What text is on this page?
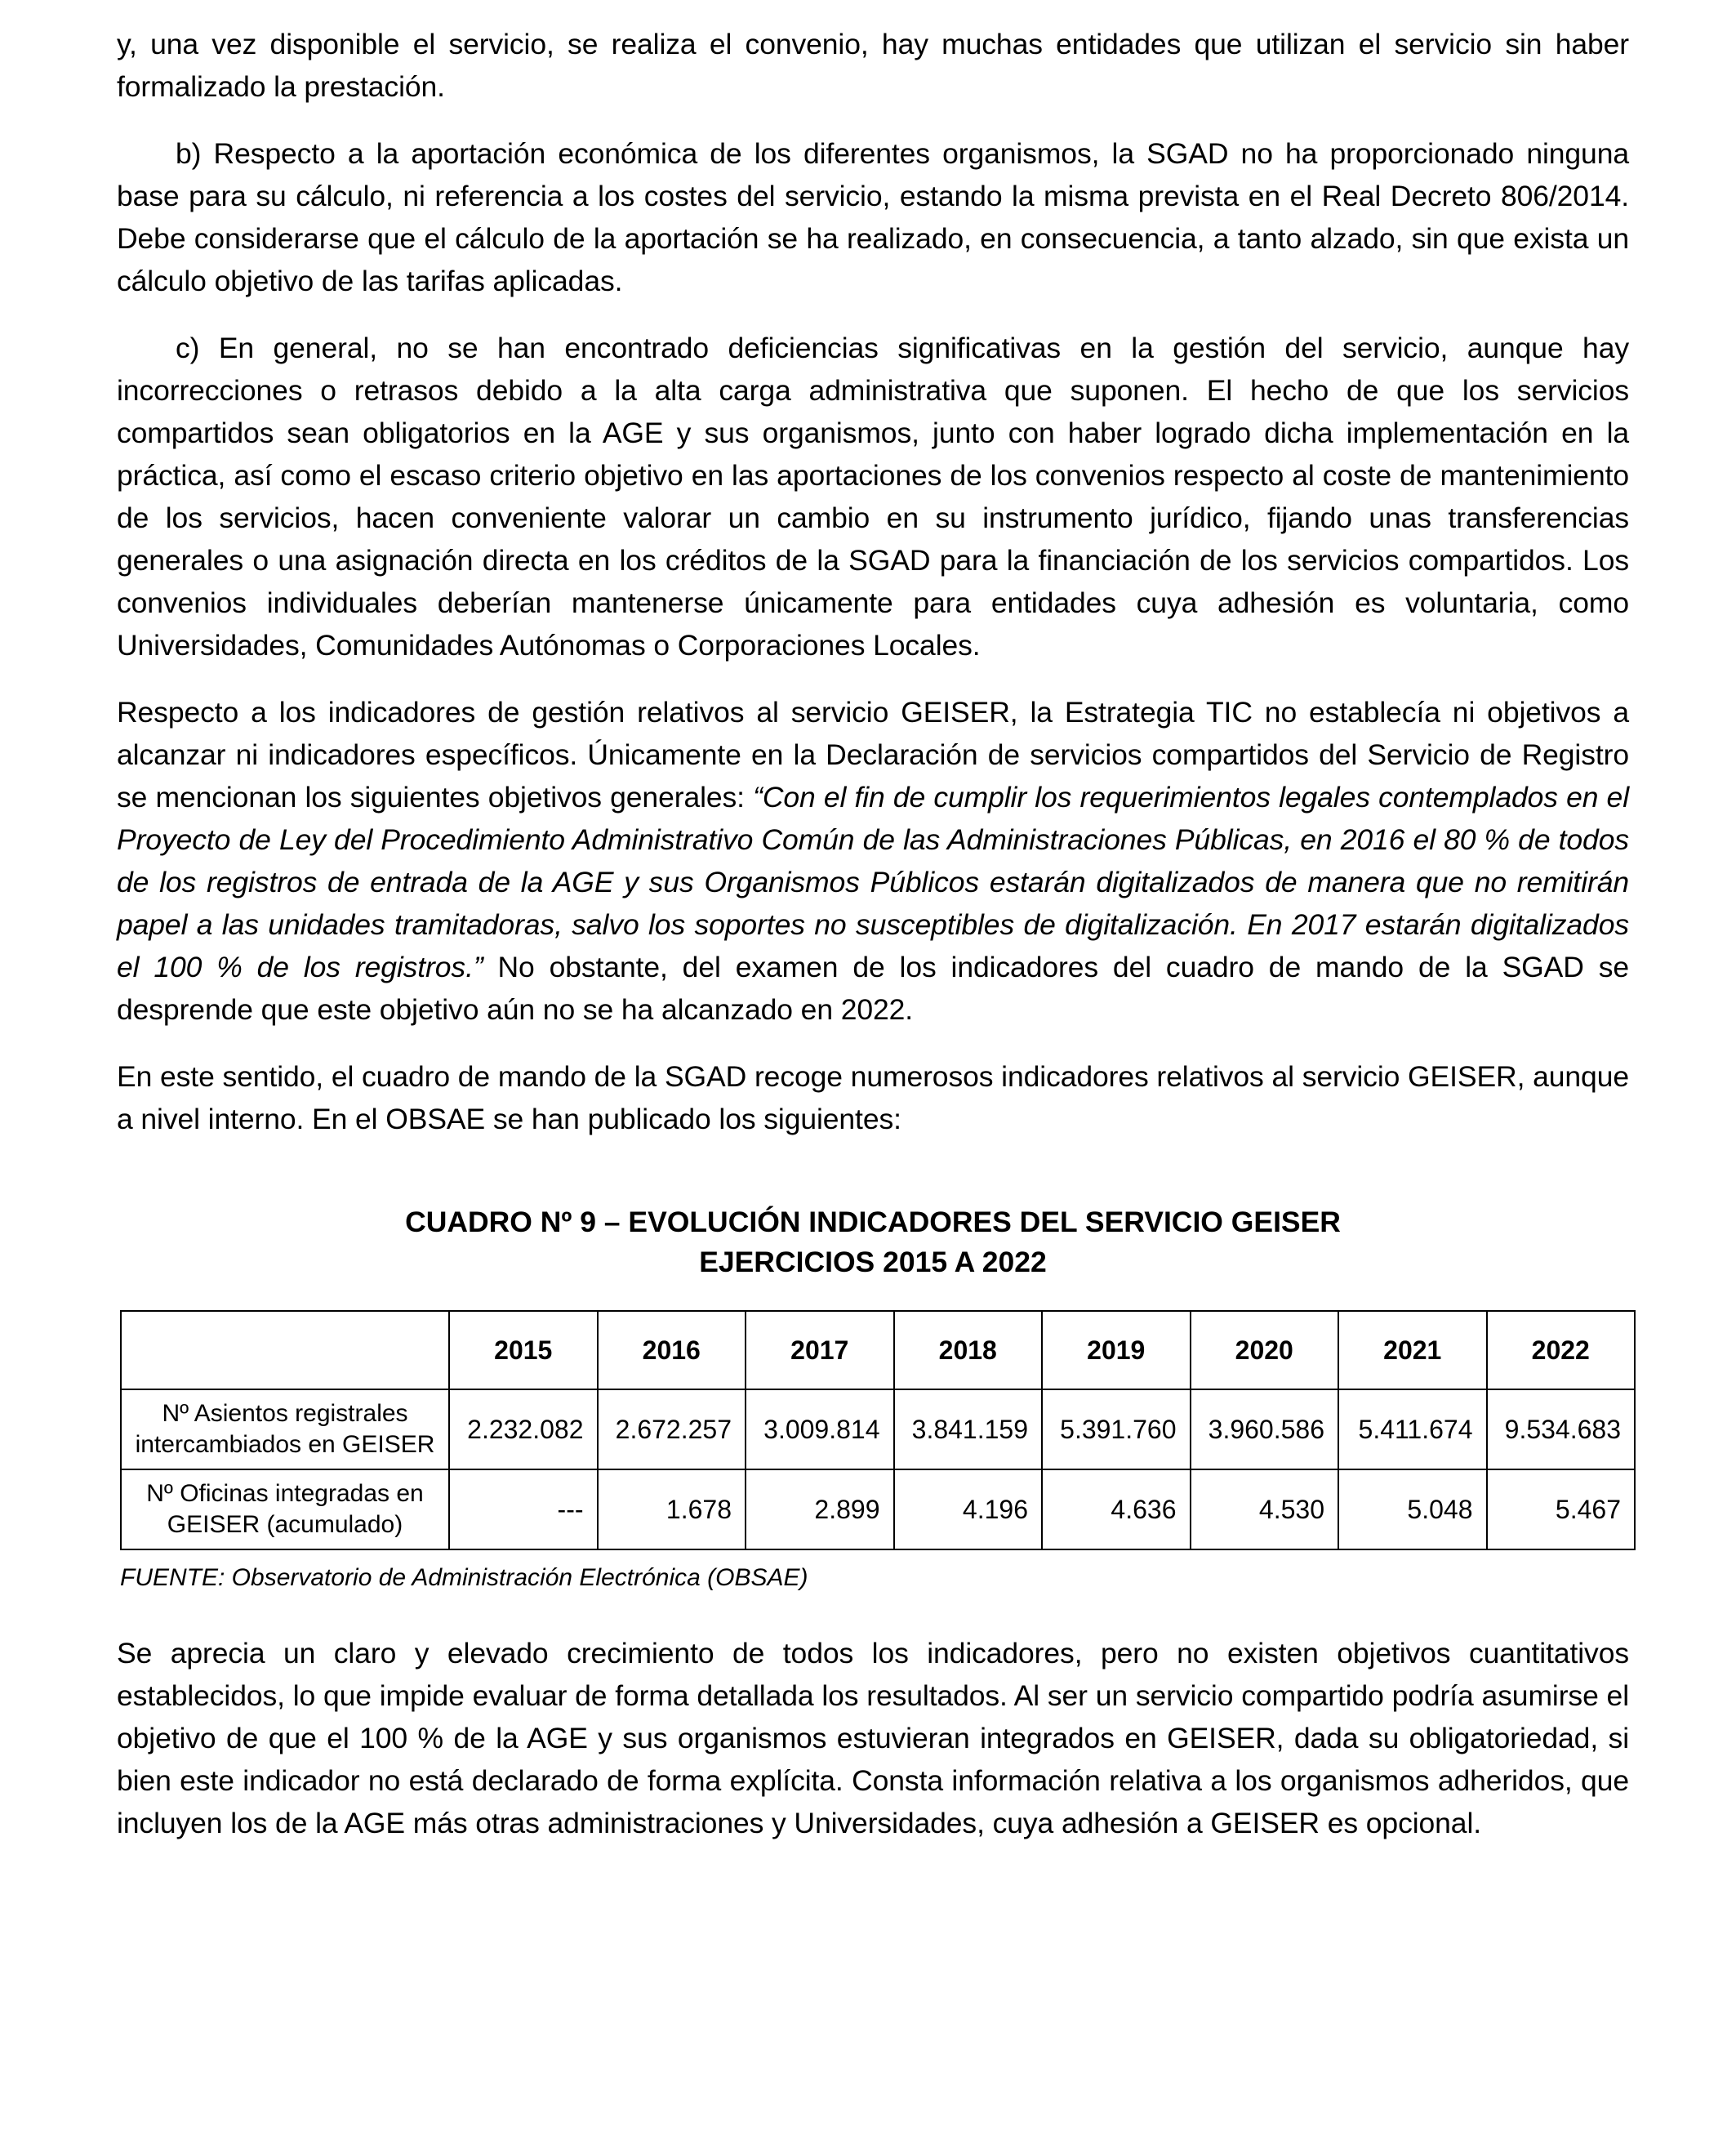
y, una vez disponible el servicio, se realiza el convenio, hay muchas entidades que utilizan el servicio sin haber formalizado la prestación.

b) Respecto a la aportación económica de los diferentes organismos, la SGAD no ha proporcionado ninguna base para su cálculo, ni referencia a los costes del servicio, estando la misma prevista en el Real Decreto 806/2014. Debe considerarse que el cálculo de la aportación se ha realizado, en consecuencia, a tanto alzado, sin que exista un cálculo objetivo de las tarifas aplicadas.

c) En general, no se han encontrado deficiencias significativas en la gestión del servicio, aunque hay incorrecciones o retrasos debido a la alta carga administrativa que suponen. El hecho de que los servicios compartidos sean obligatorios en la AGE y sus organismos, junto con haber logrado dicha implementación en la práctica, así como el escaso criterio objetivo en las aportaciones de los convenios respecto al coste de mantenimiento de los servicios, hacen conveniente valorar un cambio en su instrumento jurídico, fijando unas transferencias generales o una asignación directa en los créditos de la SGAD para la financiación de los servicios compartidos. Los convenios individuales deberían mantenerse únicamente para entidades cuya adhesión es voluntaria, como Universidades, Comunidades Autónomas o Corporaciones Locales.

Respecto a los indicadores de gestión relativos al servicio GEISER, la Estrategia TIC no establecía ni objetivos a alcanzar ni indicadores específicos. Únicamente en la Declaración de servicios compartidos del Servicio de Registro se mencionan los siguientes objetivos generales: “Con el fin de cumplir los requerimientos legales contemplados en el Proyecto de Ley del Procedimiento Administrativo Común de las Administraciones Públicas, en 2016 el 80 % de todos de los registros de entrada de la AGE y sus Organismos Públicos estarán digitalizados de manera que no remitirán papel a las unidades tramitadoras, salvo los soportes no susceptibles de digitalización. En 2017 estarán digitalizados el 100 % de los registros.” No obstante, del examen de los indicadores del cuadro de mando de la SGAD se desprende que este objetivo aún no se ha alcanzado en 2022.

En este sentido, el cuadro de mando de la SGAD recoge numerosos indicadores relativos al servicio GEISER, aunque a nivel interno. En el OBSAE se han publicado los siguientes:

CUADRO Nº 9 – EVOLUCIÓN INDICADORES DEL SERVICIO GEISER
EJERCICIOS 2015 A 2022
	2015	2016	2017	2018	2019	2020	2021	2022
Nº Asientos registrales intercambiados en GEISER	2.232.082	2.672.257	3.009.814	3.841.159	5.391.760	3.960.586	5.411.674	9.534.683
Nº Oficinas integradas en GEISER (acumulado)	---	1.678	2.899	4.196	4.636	4.530	5.048	5.467
FUENTE: Observatorio de Administración Electrónica (OBSAE)

Se aprecia un claro y elevado crecimiento de todos los indicadores, pero no existen objetivos cuantitativos establecidos, lo que impide evaluar de forma detallada los resultados. Al ser un servicio compartido podría asumirse el objetivo de que el 100 % de la AGE y sus organismos estuvieran integrados en GEISER, dada su obligatoriedad, si bien este indicador no está declarado de forma explícita. Consta información relativa a los organismos adheridos, que incluyen los de la AGE más otras administraciones y Universidades, cuya adhesión a GEISER es opcional.
